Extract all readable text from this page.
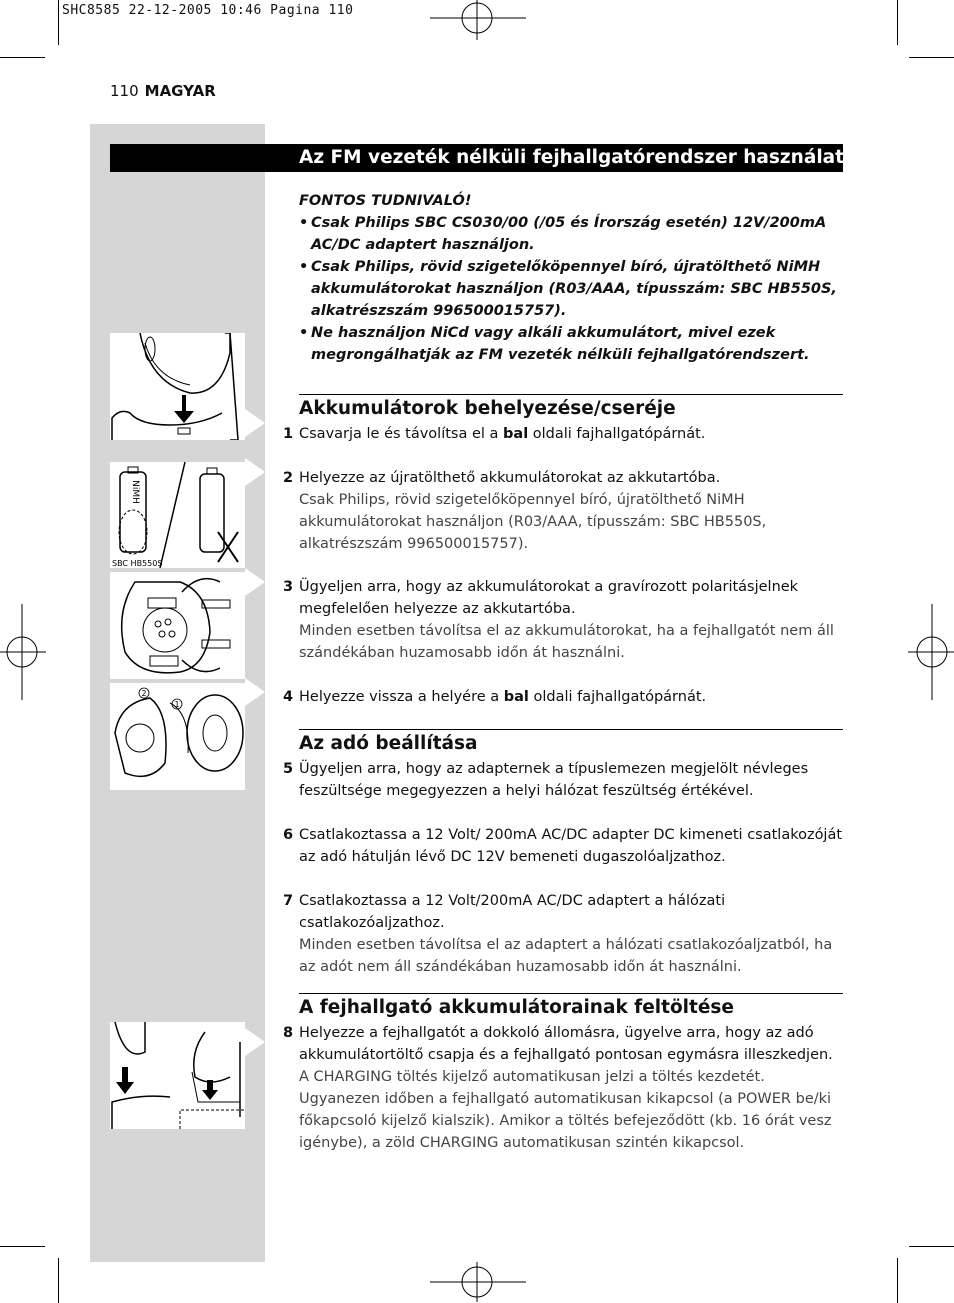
SHC8585 22-12-2005 10:46 Pagina 110
110 MAGYAR
Az FM vezeték nélküli fejhallgatórendszer használata
FONTOS TUDNIVALÓ!
• Csak Philips SBC CS030/00 (/05 és Írország esetén) 12V/200mA AC/DC adaptert használjon.
• Csak Philips, rövid szigetelőköpennyel bíró, újratölthető NiMH akkumulátorokat használjon (R03/AAA, típusszám: SBC HB550S, alkatrészszám 996500015757).
• Ne használjon NiCd vagy alkáli akkumulátort, mivel ezek megrongálhatják az FM vezeték nélküli fejhallgatórendszert.
Akkumulátorok behelyezése/cseréje
1 Csavarja le és távolítsa el a bal oldali fajhallgatópárnát.
2 Helyezze az újratölthető akkumulátorokat az akkutartóba.
Csak Philips, rövid szigetelőköpennyel bíró, újratölthető NiMH akkumulátorokat használjon (R03/AAA, típusszám: SBC HB550S, alkatrészszám 996500015757).
3 Ügyeljen arra, hogy az akkumulátorokat a gravírozott polaritásjelnek megfelelően helyezze az akkutartóba.
Minden esetben távolítsa el az akkumulátorokat, ha a fejhallgatót nem áll szándékában huzamosabb időn át használni.
4 Helyezze vissza a helyére a bal oldali fajhallgatópárnát.
Az adó beállítása
5 Ügyeljen arra, hogy az adapternek a típuslemezen megjelölt névleges feszültsége megegyezzen a helyi hálózat feszültség értékével.
6 Csatlakoztassa a 12 Volt/ 200mA AC/DC adapter DC kimeneti csatlakozóját az adó hátulján lévő DC 12V bemeneti dugaszolóaljzathoz.
7 Csatlakoztassa a 12 Volt/200mA AC/DC adaptert a hálózati csatlakozóaljzathoz.
Minden esetben távolítsa el az adaptert a hálózati csatlakozóaljzatból, ha az adót nem áll szándékában huzamosabb időn át használni.
A fejhallgató akkumulátorainak feltöltése
8 Helyezze a fejhallgatót a dokkoló állomásra, ügyelve arra, hogy az adó akkumulátortöltő csapja és a fejhallgató pontosan egymásra illeszkedjen.
A CHARGING töltés kijelző automatikusan jelzi a töltés kezdetét. Ugyanezen időben a fejhallgató automatikusan kikapcsol (a POWER be/ki főkapcsoló kijelző kialszik). Amikor a töltés befejeződött (kb. 16 órát vesz igénybe), a zöld CHARGING automatikusan szintén kikapcsol.
NiMH
SBC HB550S
2
1
